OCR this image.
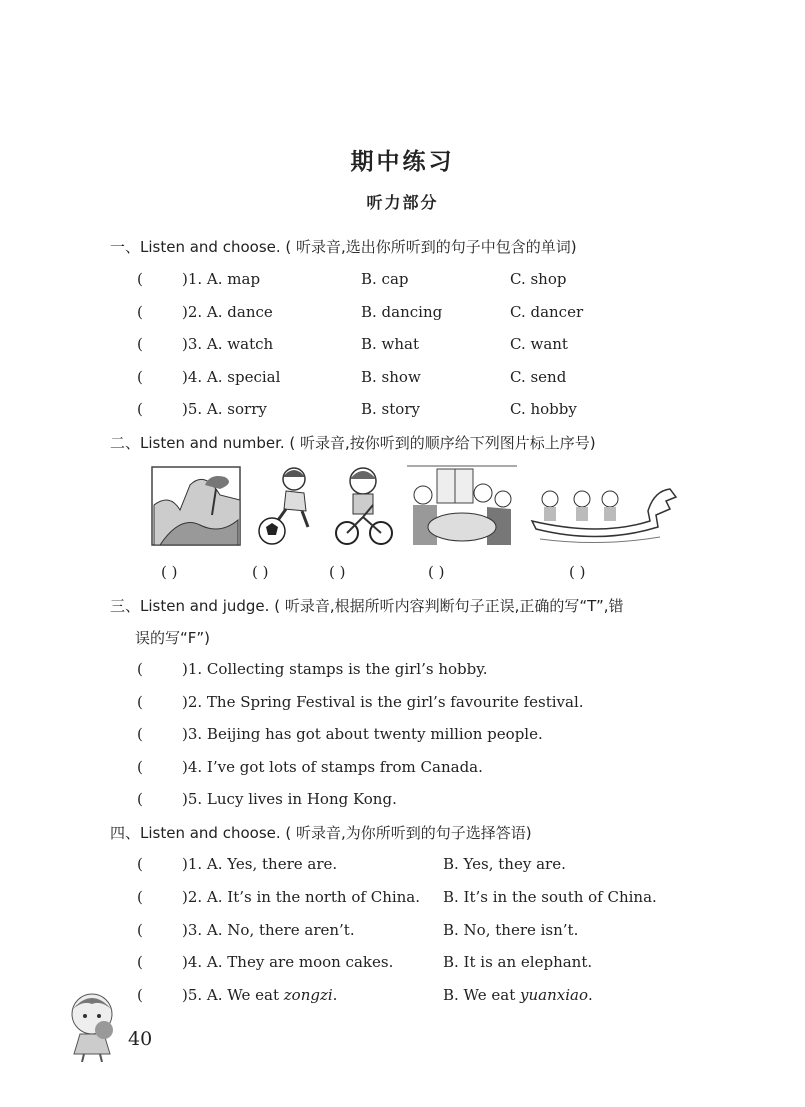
期中练习
听力部分
一、Listen and choose. ( 听录音,选出你所听到的句子中包含的单词)
(	)1. A. map	B. cap	C. shop
(	)2. A. dance	B. dancing	C. dancer
(	)3. A. watch	B. what	C. want
(	)4. A. special	B. show	C. send
(	)5. A. sorry	B. story	C. hobby
二、Listen and number. ( 听录音,按你听到的顺序给下列图片标上序号)
( )	( )	( )	( )	( )
三、Listen and judge. ( 听录音,根据所听内容判断句子正误,正确的写“T”,错
误的写“F”)
(	)1. Collecting stamps is the girl’s hobby.
(	)2. The Spring Festival is the girl’s favourite festival.
(	)3. Beijing has got about twenty million people.
(	)4. I’ve got lots of stamps from Canada.
(	)5. Lucy lives in Hong Kong.
四、Listen and choose. ( 听录音,为你所听到的句子选择答语)
(	)1. A. Yes, there are.	B. Yes, they are.
(	)2. A. It’s in the north of China. B. It’s in the south of China.
(	)3. A. No, there aren’t.	B. No, there isn’t.
(	)4. A. They are moon cakes.	B. It is an elephant.
(	)5. A. We eat zongzi.	B. We eat yuanxiao.
40
